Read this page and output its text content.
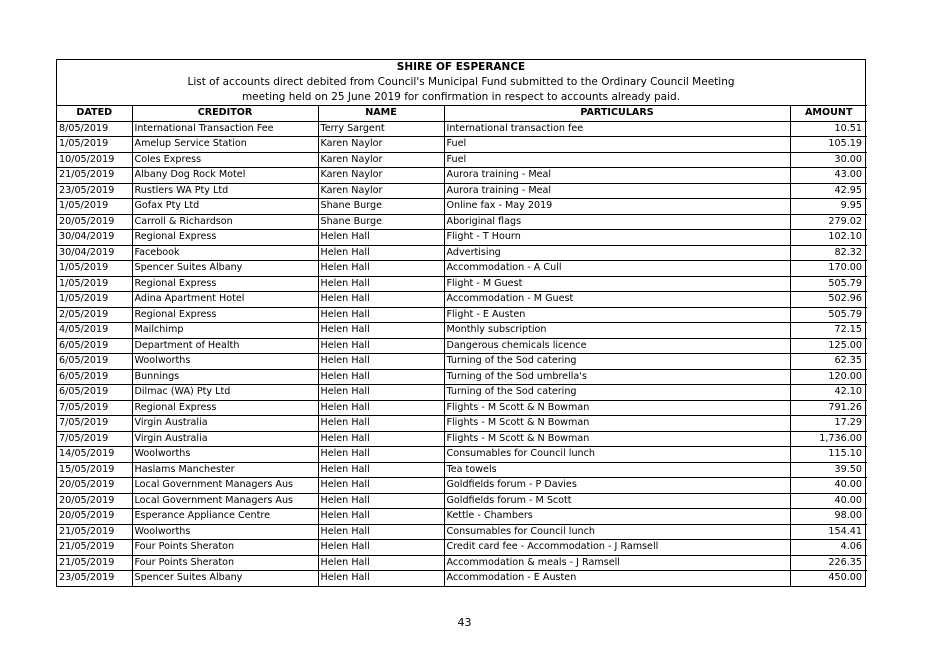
SHIRE OF ESPERANCE
List of accounts direct debited from Council's Municipal Fund submitted to the Ordinary Council Meeting
meeting held on 25 June 2019 for confirmation in respect to accounts already paid.
DATED	CREDITOR	NAME	PARTICULARS	AMOUNT
8/05/2019	International Transaction Fee	Terry Sargent	International transaction fee	10.51
1/05/2019	Amelup Service Station	Karen Naylor	Fuel	105.19
10/05/2019	Coles Express	Karen Naylor	Fuel	30.00
21/05/2019	Albany Dog Rock Motel	Karen Naylor	Aurora training - Meal	43.00
23/05/2019	Rustlers WA Pty Ltd	Karen Naylor	Aurora training - Meal	42.95
1/05/2019	Gofax Pty Ltd	Shane Burge	Online fax - May 2019	9.95
20/05/2019	Carroll & Richardson	Shane Burge	Aboriginal flags	279.02
30/04/2019	Regional Express	Helen Hall	Flight - T Hourn	102.10
30/04/2019	Facebook	Helen Hall	Advertising	82.32
1/05/2019	Spencer Suites Albany	Helen Hall	Accommodation - A Cull	170.00
1/05/2019	Regional Express	Helen Hall	Flight - M Guest	505.79
1/05/2019	Adina Apartment Hotel	Helen Hall	Accommodation - M Guest	502.96
2/05/2019	Regional Express	Helen Hall	Flight - E Austen	505.79
4/05/2019	Mailchimp	Helen Hall	Monthly subscription	72.15
6/05/2019	Department of Health	Helen Hall	Dangerous chemicals licence	125.00
6/05/2019	Woolworths	Helen Hall	Turning of the Sod catering	62.35
6/05/2019	Bunnings	Helen Hall	Turning of the Sod umbrella's	120.00
6/05/2019	Dilmac (WA) Pty Ltd	Helen Hall	Turning of the Sod catering	42.10
7/05/2019	Regional Express	Helen Hall	Flights - M Scott & N Bowman	791.26
7/05/2019	Virgin Australia	Helen Hall	Flights - M Scott & N Bowman	17.29
7/05/2019	Virgin Australia	Helen Hall	Flights - M Scott & N Bowman	1,736.00
14/05/2019	Woolworths	Helen Hall	Consumables for Council lunch	115.10
15/05/2019	Haslams Manchester	Helen Hall	Tea towels	39.50
20/05/2019	Local Government Managers Aus	Helen Hall	Goldfields forum - P Davies	40.00
20/05/2019	Local Government Managers Aus	Helen Hall	Goldfields forum - M Scott	40.00
20/05/2019	Esperance Appliance Centre	Helen Hall	Kettle - Chambers	98.00
21/05/2019	Woolworths	Helen Hall	Consumables for Council lunch	154.41
21/05/2019	Four Points Sheraton	Helen Hall	Credit card fee - Accommodation - J Ramsell	4.06
21/05/2019	Four Points Sheraton	Helen Hall	Accommodation & meals - J Ramsell	226.35
23/05/2019	Spencer Suites Albany	Helen Hall	Accommodation - E Austen	450.00
43
